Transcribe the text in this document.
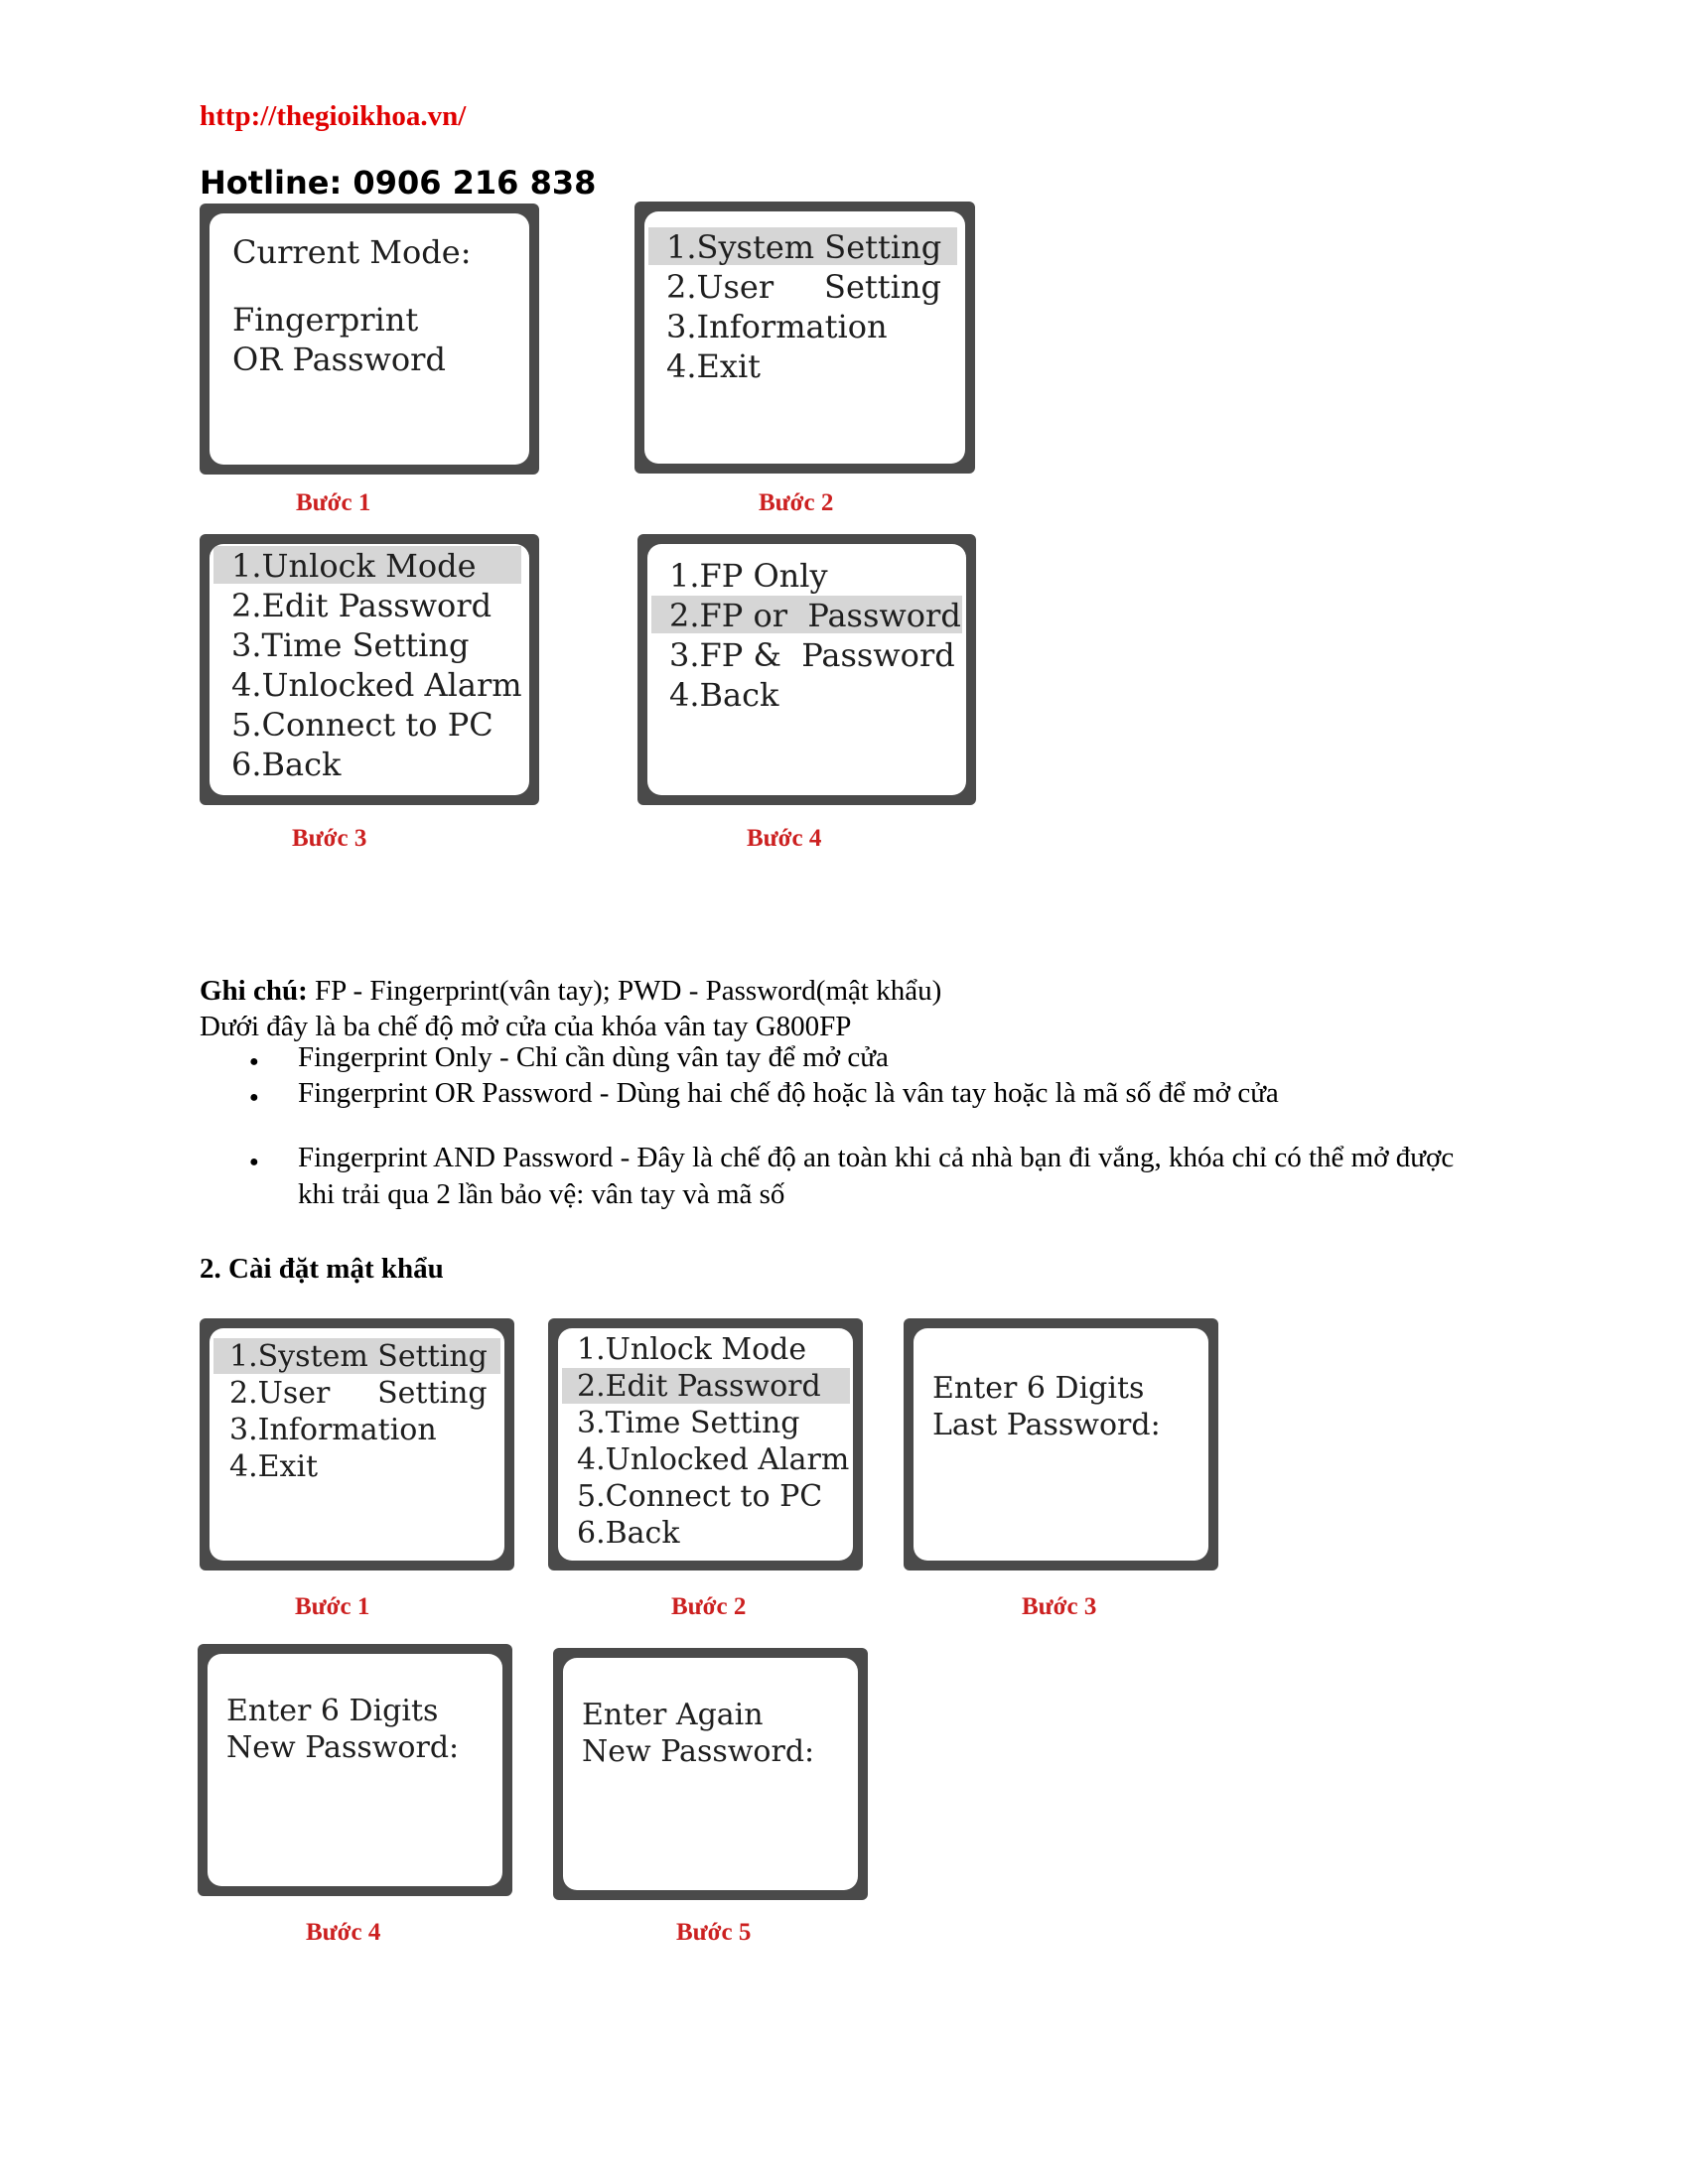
http://thegioikhoa.vn/
Hotline: 0906 216 838
Current Mode:
Fingerprint
OR Password
1.System Setting
2.User     Setting
3.Information
4.Exit
1.Unlock Mode
2.Edit Password
3.Time Setting
4.Unlocked Alarm
5.Connect to PC
6.Back
1.FP Only
2.FP or  Password
3.FP &  Password
4.Back
Bước 1	Bước 2
Bước 3	Bước 4
Ghi chú: FP - Fingerprint(vân tay); PWD - Password(mật khẩu)
Dưới đây là ba chế độ mở cửa của khóa vân tay G800FP
● Fingerprint Only - Chỉ cần dùng vân tay để mở cửa
● Fingerprint OR Password - Dùng hai chế độ hoặc là vân tay hoặc là mã số để mở cửa
● Fingerprint AND Password - Đây là chế độ an toàn khi cả nhà bạn đi vắng, khóa chỉ có thể mở được khi trải qua 2 lần bảo vệ: vân tay và mã số
2. Cài đặt mật khẩu
1.System Setting
2.User     Setting
3.Information
4.Exit
1.Unlock Mode
2.Edit Password
3.Time Setting
4.Unlocked Alarm
5.Connect to PC
6.Back
Enter 6 Digits
Last Password:
Enter 6 Digits
New Password:
Enter Again
New Password:
Bước 1	Bước 2	Bước 3
Bước 4	Bước 5
